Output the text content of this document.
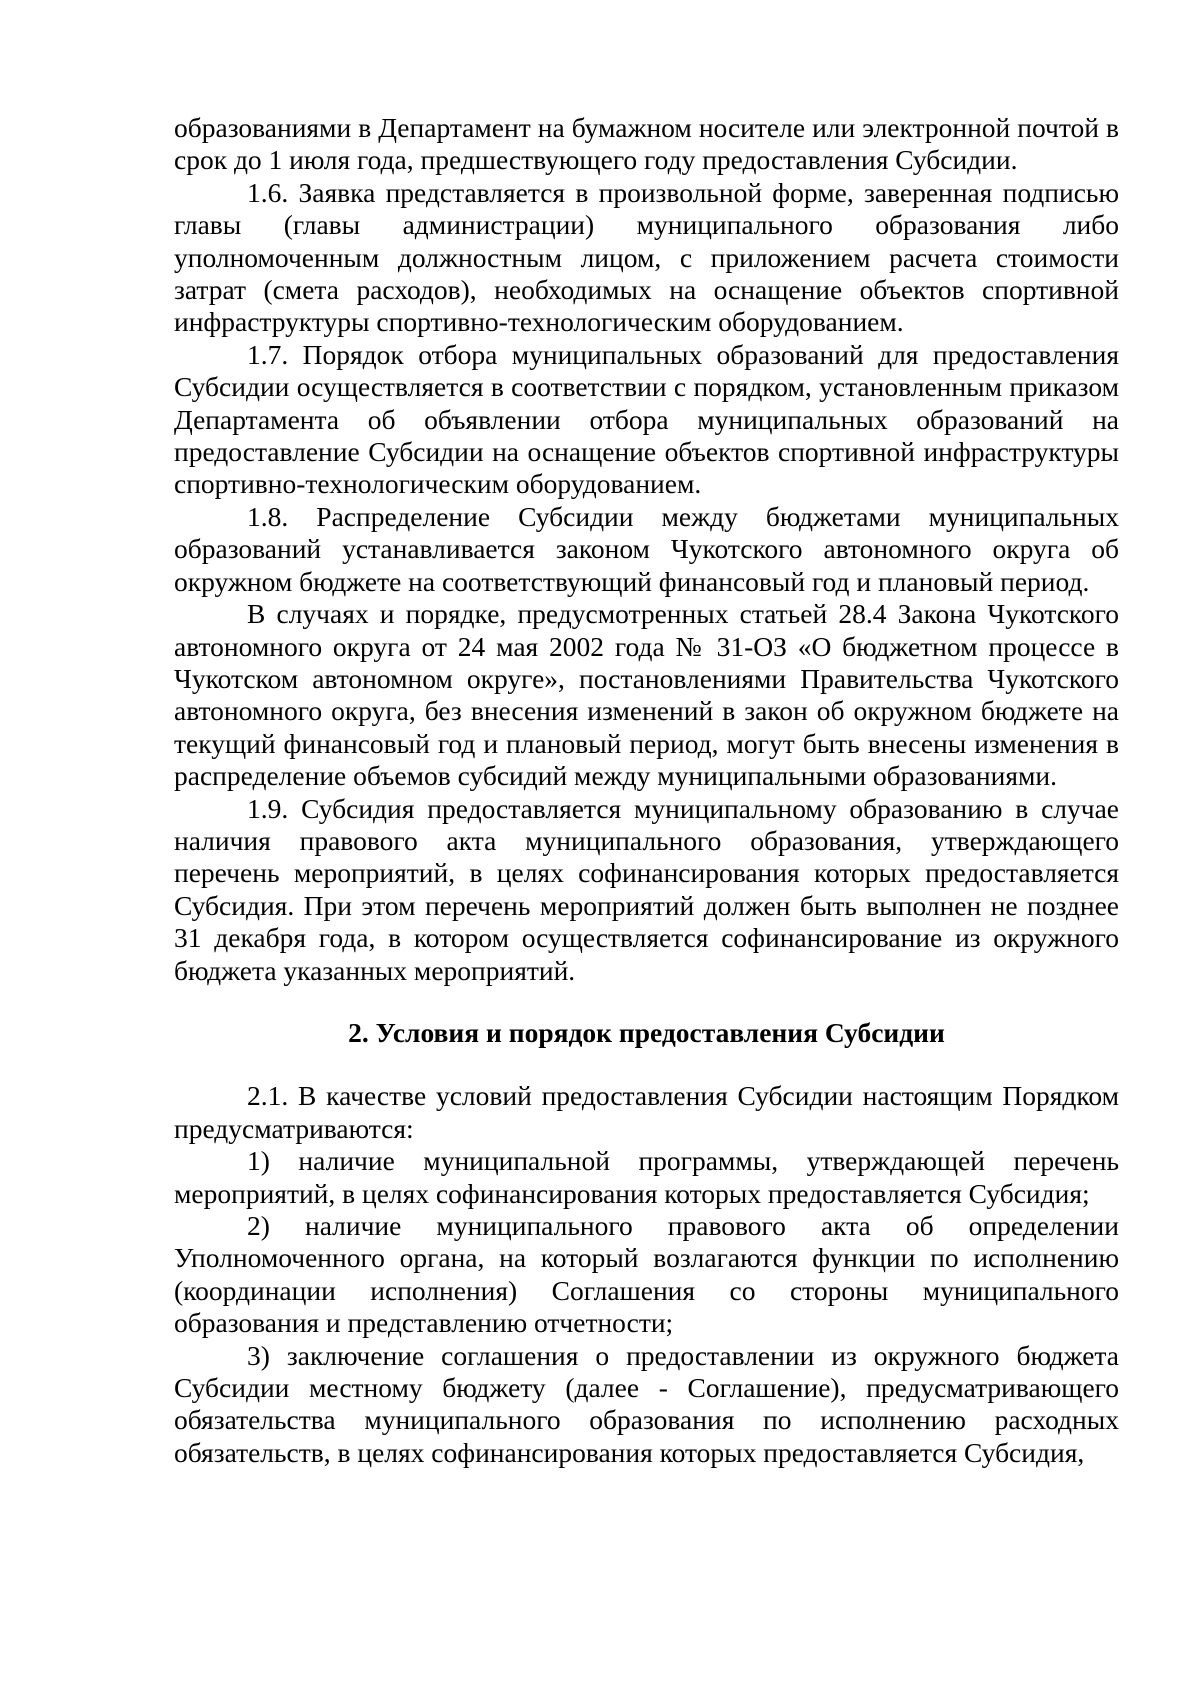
образованиями в Департамент на бумажном носителе или электронной почтой в срок до 1 июля года, предшествующего году предоставления Субсидии.

1.6. Заявка представляется в произвольной форме, заверенная подписью главы (главы администрации) муниципального образования либо уполномоченным должностным лицом, с приложением расчета стоимости затрат (смета расходов), необходимых на оснащение объектов спортивной инфраструктуры спортивно-технологическим оборудованием.

1.7. Порядок отбора муниципальных образований для предоставления Субсидии осуществляется в соответствии с порядком, установленным приказом Департамента об объявлении отбора муниципальных образований на предоставление Субсидии на оснащение объектов спортивной инфраструктуры спортивно-технологическим оборудованием.

1.8. Распределение Субсидии между бюджетами муниципальных образований устанавливается законом Чукотского автономного округа об окружном бюджете на соответствующий финансовый год и плановый период.

В случаях и порядке, предусмотренных статьей 28.4 Закона Чукотского автономного округа от 24 мая 2002 года № 31-ОЗ «О бюджетном процессе в Чукотском автономном округе», постановлениями Правительства Чукотского автономного округа, без внесения изменений в закон об окружном бюджете на текущий финансовый год и плановый период, могут быть внесены изменения в распределение объемов субсидий между муниципальными образованиями.

1.9. Субсидия предоставляется муниципальному образованию в случае наличия правового акта муниципального образования, утверждающего перечень мероприятий, в целях софинансирования которых предоставляется Субсидия. При этом перечень мероприятий должен быть выполнен не позднее 31 декабря года, в котором осуществляется софинансирование из окружного бюджета указанных мероприятий.

2. Условия и порядок предоставления Субсидии

2.1. В качестве условий предоставления Субсидии настоящим Порядком предусматриваются:

1) наличие муниципальной программы, утверждающей перечень мероприятий, в целях софинансирования которых предоставляется Субсидия;

2) наличие муниципального правового акта об определении Уполномоченного органа, на который возлагаются функции по исполнению (координации исполнения) Соглашения со стороны муниципального образования и представлению отчетности;

3) заключение соглашения о предоставлении из окружного бюджета Субсидии местному бюджету (далее - Соглашение), предусматривающего обязательства муниципального образования по исполнению расходных обязательств, в целях софинансирования которых предоставляется Субсидия,
